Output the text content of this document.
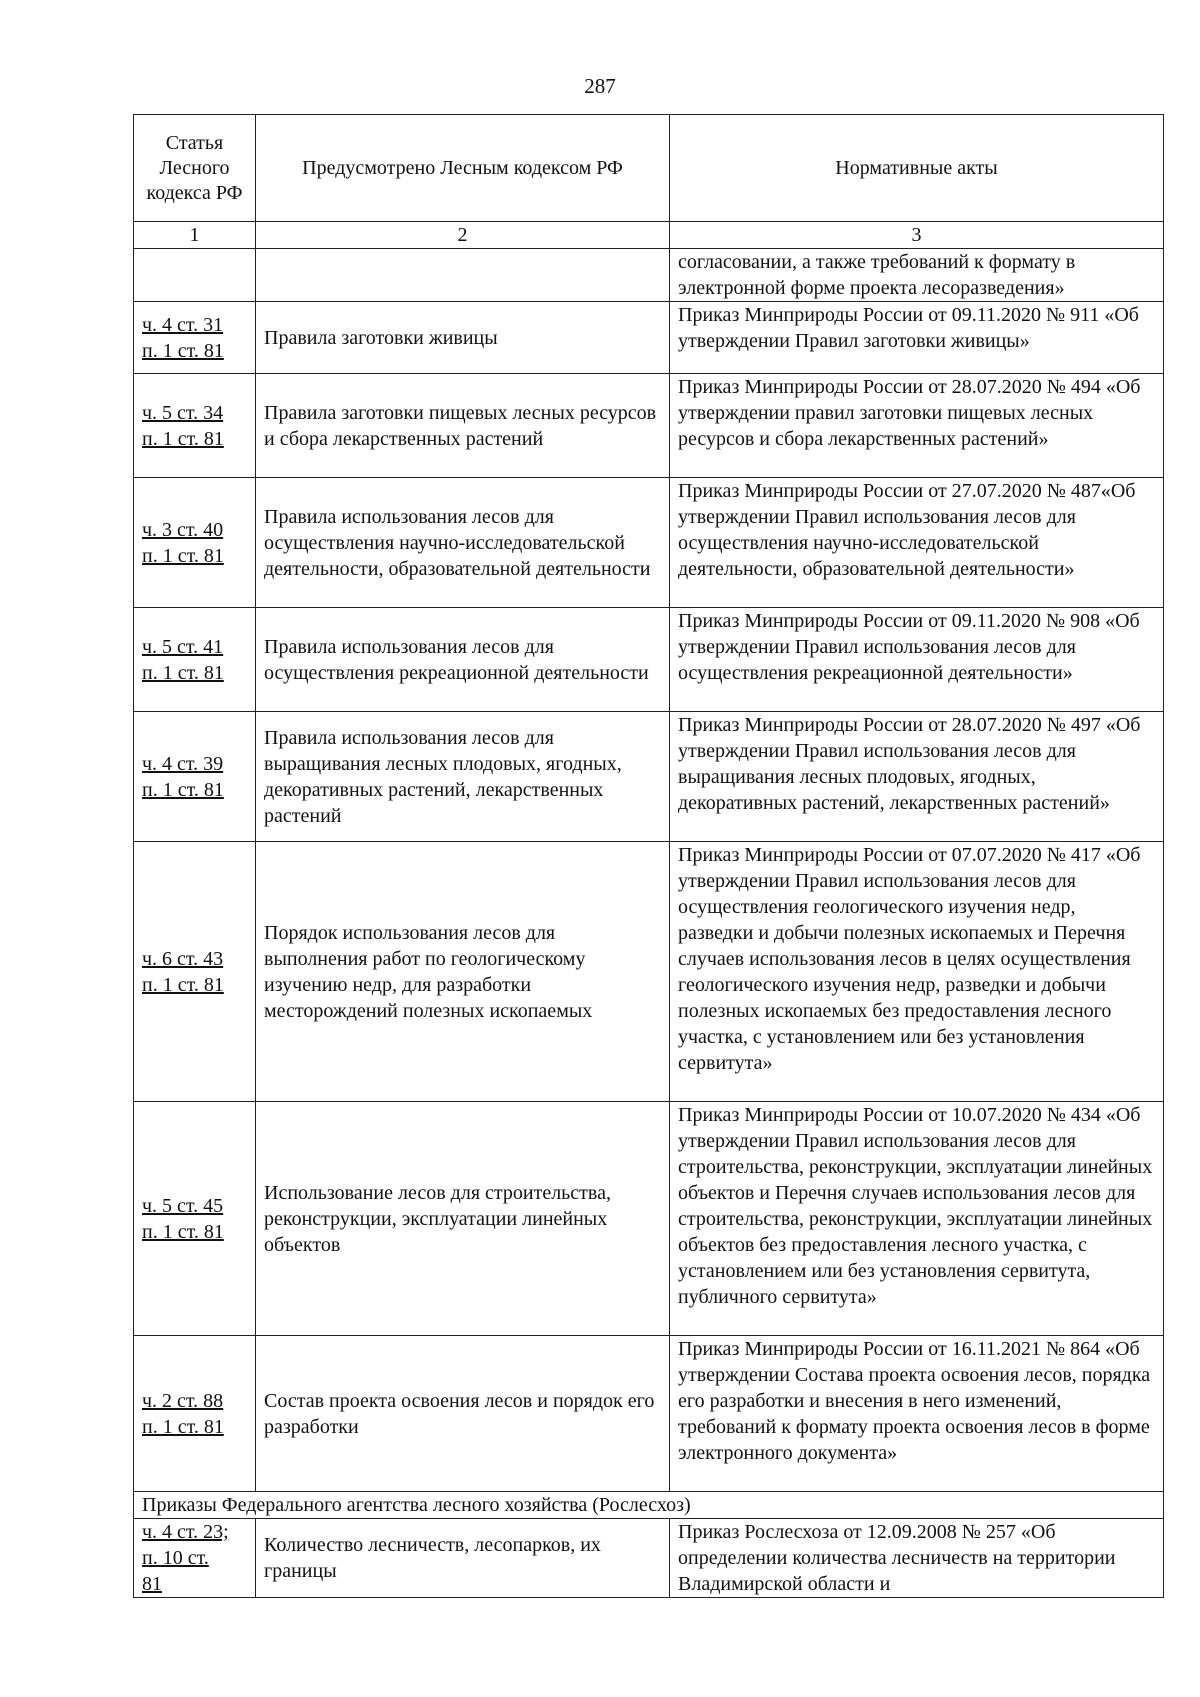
287
Статья Лесного кодекса РФ	Предусмотрено Лесным кодексом РФ	Нормативные акты
1	2	3
		согласовании, а также требований к формату в электронной форме проекта лесоразведения»

ч. 4 ст. 31
п. 1 ст. 81	Правила заготовки живицы	Приказ Минприроды России от 09.11.2020 № 911 «Об утверждении Правил заготовки живицы»

ч. 5 ст. 34
п. 1 ст. 81	Правила заготовки пищевых лесных ресурсов и сбора лекарственных растений	Приказ Минприроды России от 28.07.2020 № 494 «Об утверждении правил заготовки пищевых лесных ресурсов и сбора лекарственных растений»

ч. 3 ст. 40
п. 1 ст. 81	Правила использования лесов для осуществления научно-исследовательской деятельности, образовательной деятельности	Приказ Минприроды России от 27.07.2020 № 487«Об утверждении Правил использования лесов для осуществления научно-исследовательской деятельности, образовательной деятельности»

ч. 5 ст. 41
п. 1 ст. 81	Правила использования лесов для осуществления рекреационной деятельности	Приказ Минприроды России от 09.11.2020 № 908 «Об утверждении Правил использования лесов для осуществления рекреационной деятельности»

ч. 4 ст. 39
п. 1 ст. 81	Правила использования лесов для выращивания лесных плодовых, ягодных, декоративных растений, лекарственных растений	Приказ Минприроды России от 28.07.2020 № 497 «Об утверждении Правил использования лесов для выращивания лесных плодовых, ягодных, декоративных растений, лекарственных растений»

ч. 6 ст. 43
п. 1 ст. 81	Порядок использования лесов для выполнения работ по геологическому изучению недр, для разработки месторождений полезных ископаемых	Приказ Минприроды России от 07.07.2020 № 417 «Об утверждении Правил использования лесов для осуществления геологического изучения недр, разведки и добычи полезных ископаемых и Перечня случаев использования лесов в целях осуществления геологического изучения недр, разведки и добычи полезных ископаемых без предоставления лесного участка, с установлением или без установления сервитута»

ч. 5 ст. 45
п. 1 ст. 81	Использование лесов для строительства, реконструкции, эксплуатации линейных объектов	Приказ Минприроды России от 10.07.2020 № 434 «Об утверждении Правил использования лесов для строительства, реконструкции, эксплуатации линейных объектов и Перечня случаев использования лесов для строительства, реконструкции, эксплуатации линейных объектов без предоставления лесного участка, с установлением или без установления сервитута, публичного сервитута»

ч. 2 ст. 88
п. 1 ст. 81	Состав проекта освоения лесов и порядок его разработки	Приказ Минприроды России от 16.11.2021 № 864 «Об утверждении Состава проекта освоения лесов, порядка его разработки и внесения в него изменений, требований к формату проекта освоения лесов в форме электронного документа»
Приказы Федерального агентства лесного хозяйства (Рослесхоз)		

ч. 4 ст. 23;
п. 10 ст.
81	Количество лесничеств, лесопарков, их границы	Приказ Рослесхоза от 12.09.2008 № 257 «Об определении количества лесничеств на территории Владимирской области и
